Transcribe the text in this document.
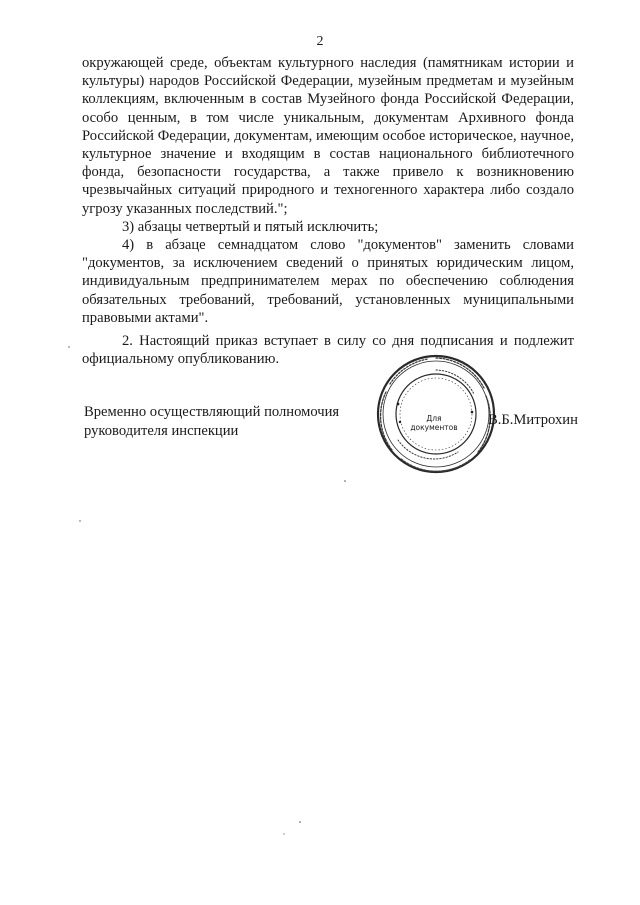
2

окружающей среде, объектам культурного наследия (памятникам истории и культуры) народов Российской Федерации, музейным предметам и музейным коллекциям, включенным в состав Музейного фонда Российской Федерации, особо ценным, в том числе уникальным, документам Архивного фонда Российской Федерации, документам, имеющим особое историческое, научное, культурное значение и входящим в состав национального библиотечного фонда, безопасности государства, а также привело к возникновению чрезвычайных ситуаций природного и техногенного характера либо создало угрозу указанных последствий.";

3) абзацы четвертый и пятый исключить;

4) в абзаце семнадцатом слово "документов" заменить словами "документов, за исключением сведений о принятых юридическим лицом, индивидуальным предпринимателем мерах по обеспечению соблюдения обязательных требований, требований, установленных муниципальными правовыми актами".

2. Настоящий приказ вступает в силу со дня подписания и подлежит официальному опубликованию.

Временно осуществляющий полномочия
руководителя инспекции
Для
документов	В.Б.Митрохин
